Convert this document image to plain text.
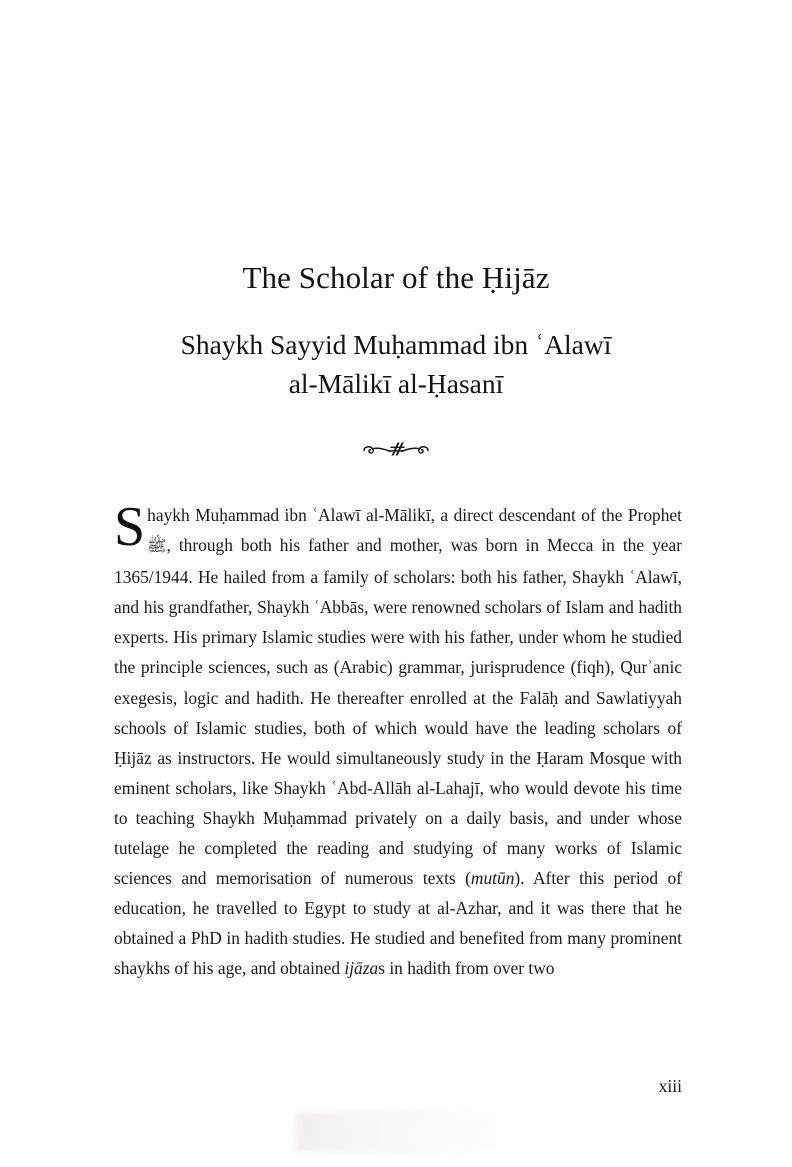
The Scholar of the Ḥijāz
Shaykh Sayyid Muḥammad ibn ʿAlawī
al-Mālikī al-Ḥasanī

Shaykh Muḥammad ibn ʿAlawī al-Mālikī, a direct descendant of the Prophet ﷺ, through both his father and mother, was born in Mecca in the year 1365/1944. He hailed from a family of scholars: both his father, Shaykh ʿAlawī, and his grandfather, Shaykh ʿAbbās, were renowned scholars of Islam and hadith experts. His primary Islamic studies were with his father, under whom he studied the principle sciences, such as (Arabic) grammar, jurisprudence (fiqh), Qurʾanic exegesis, logic and hadith. He thereafter enrolled at the Falāḥ and Sawlatiyyah schools of Islamic studies, both of which would have the leading scholars of Ḥijāz as instructors. He would simultaneously study in the Ḥaram Mosque with eminent scholars, like Shaykh ʿAbd-Allāh al-Lahajī, who would devote his time to teaching Shaykh Muḥammad privately on a daily basis, and under whose tutelage he completed the reading and studying of many works of Islamic sciences and memorisation of numerous texts (mutūn). After this period of education, he travelled to Egypt to study at al-Azhar, and it was there that he obtained a PhD in hadith studies. He studied and benefited from many prominent shaykhs of his age, and obtained ijāzas in hadith from over two

xiii
